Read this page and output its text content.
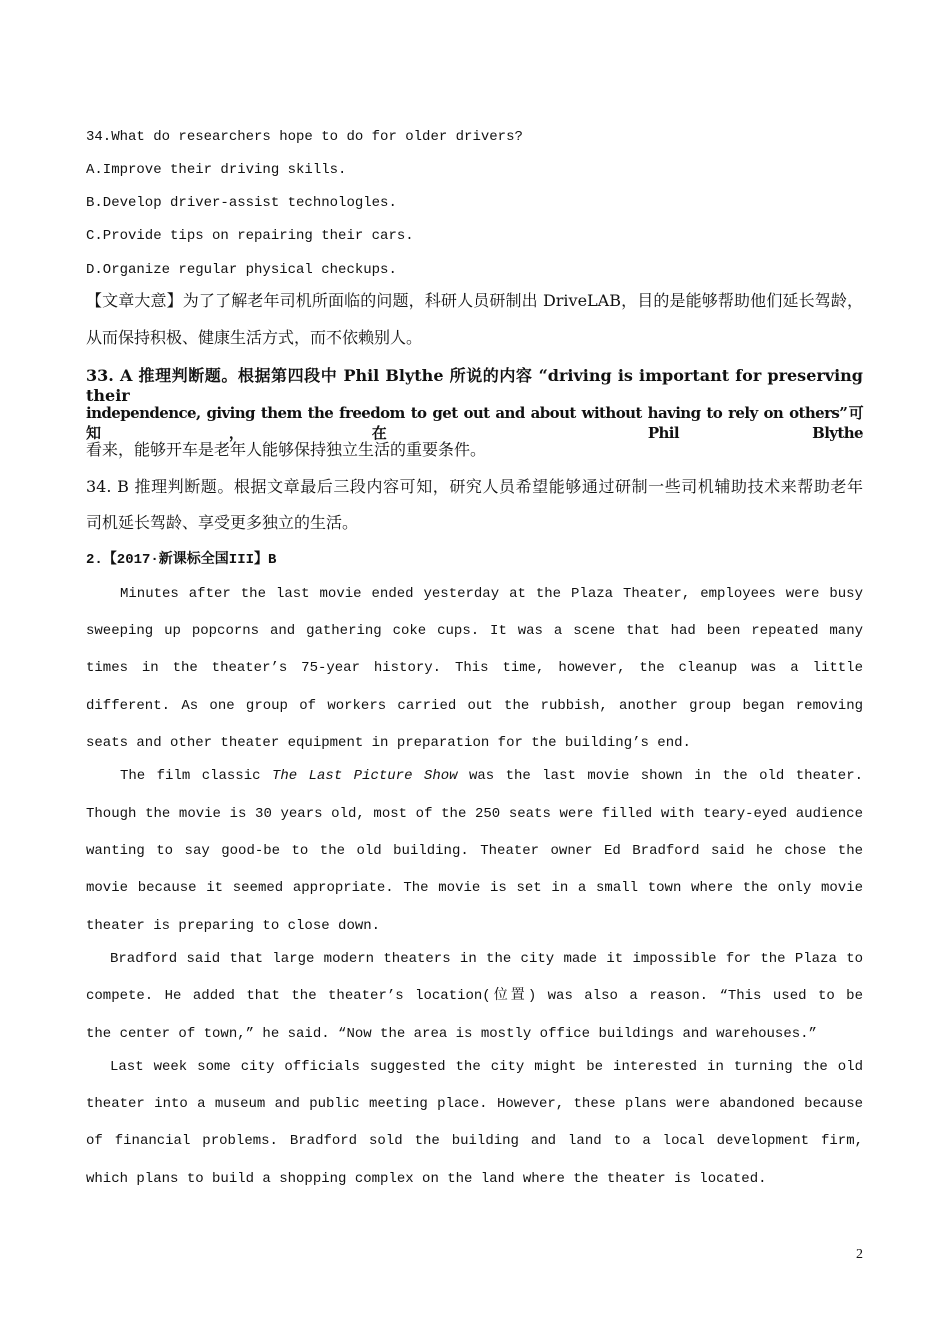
34.What do researchers hope to do for older drivers?
A.Improve their driving skills.
B.Develop driver-assist technologles.
C.Provide tips on repairing their cars.
D.Organize regular physical checkups.
【文章大意】为了了解老年司机所面临的问题，科研人员研制出 DriveLAB，目的是能够帮助他们延长驾龄，
从而保持积极、健康生活方式，而不依赖别人。
33. A 推理判断题。根据第四段中 Phil Blythe 所说的内容 “driving is important for preserving their
independence, giving them the freedom to get out and about without having to rely on others”可知，在 Phil Blythe
看来，能够开车是老年人能够保持独立生活的重要条件。
34. B 推理判断题。根据文章最后三段内容可知，研究人员希望能够通过研制一些司机辅助技术来帮助老年
司机延长驾龄、享受更多独立的生活。
2.【2017·新课标全国III】B
Minutes after the last movie ended yesterday at the Plaza Theater, employees were busy
sweeping up popcorns and gathering coke cups. It was a scene that had been repeated many
times in the theater’s 75-year history. This time, however, the cleanup was a little
different. As one group of workers carried out the rubbish, another group began removing
seats and other theater equipment in preparation for the building’s end.
The film classic The Last Picture Show was the last movie shown in the old theater.
Though the movie is 30 years old, most of the 250 seats were filled with teary-eyed audience
wanting to say good-be to the old building. Theater owner Ed Bradford said he chose the
movie because it seemed appropriate. The movie is set in a small town where the only movie
theater is preparing to close down.
Bradford said that large modern theaters in the city made it impossible for the Plaza to
compete. He added that the theater’s location(位置) was also a reason. “This used to be
the center of town,” he said. “Now the area is mostly office buildings and warehouses.”
Last week some city officials suggested the city might be interested in turning the old
theater into a museum and public meeting place. However, these plans were abandoned because
of financial problems. Bradford sold the building and land to a local development firm,
which plans to build a shopping complex on the land where the theater is located.
2
